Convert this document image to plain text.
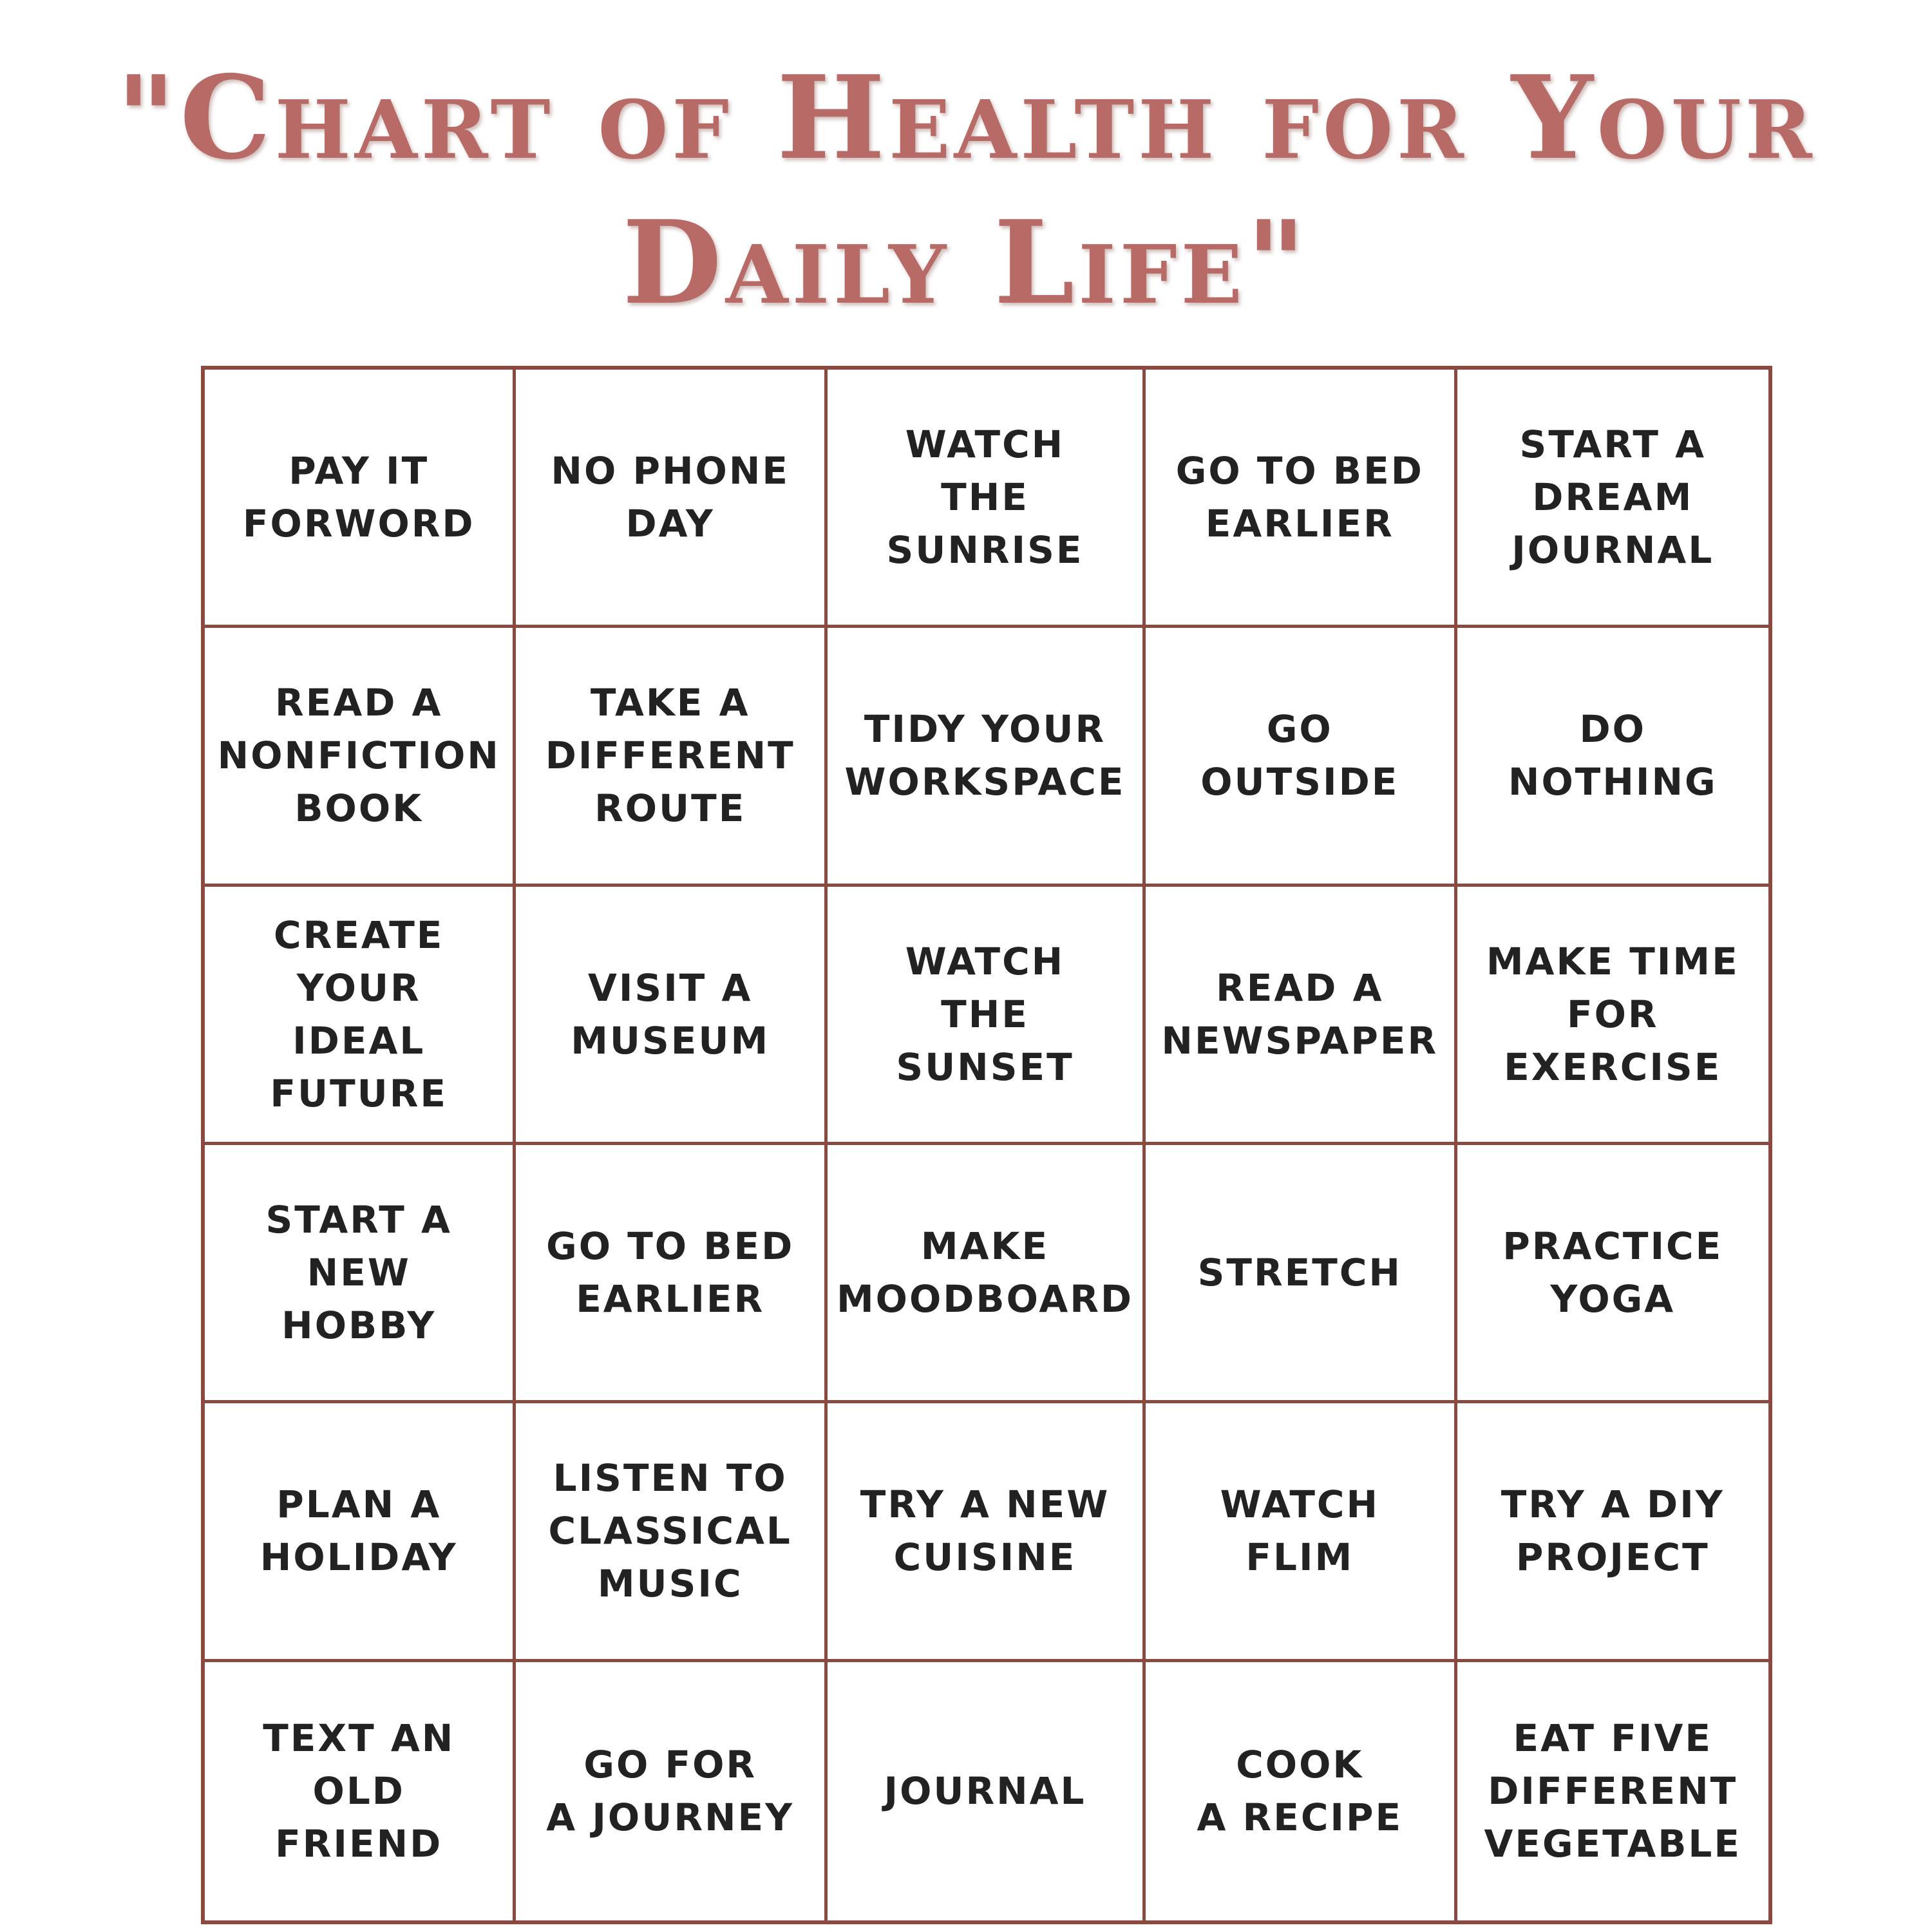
"Chart of Health for Your
Daily Life"
PAY IT
FORWORD
NO PHONE
DAY
WATCH
THE
SUNRISE
GO TO BED
EARLIER
START A
DREAM
JOURNAL
READ A
NONFICTION
BOOK
TAKE A
DIFFERENT
ROUTE
TIDY YOUR
WORKSPACE
GO
OUTSIDE
DO
NOTHING
CREATE
YOUR
IDEAL
FUTURE
VISIT A
MUSEUM
WATCH
THE
SUNSET
READ A
NEWSPAPER
MAKE TIME
FOR
EXERCISE
START A
NEW
HOBBY
GO TO BED
EARLIER
MAKE
MOODBOARD
STRETCH
PRACTICE
YOGA
PLAN A
HOLIDAY
LISTEN TO
CLASSICAL
MUSIC
TRY A NEW
CUISINE
WATCH
FLIM
TRY A DIY
PROJECT
TEXT AN
OLD
FRIEND
GO FOR
A JOURNEY
JOURNAL
COOK
A RECIPE
EAT FIVE
DIFFERENT
VEGETABLE
